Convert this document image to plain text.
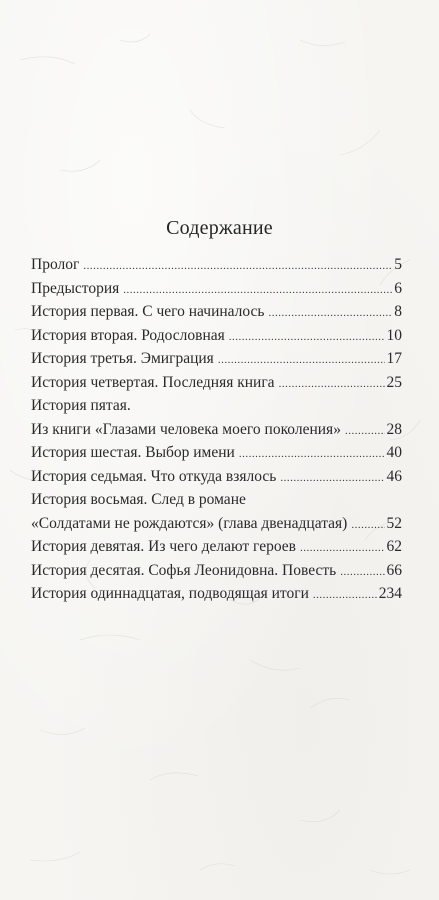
Содержание
Пролог .....	5
Предыстория .....	6
История первая. С чего начиналось .....	8
История вторая. Родословная .....	10
История третья. Эмиграция .....	17
История четвертая. Последняя книга .....	25
История пятая.
Из книги «Глазами человека моего поколения» .....	28
История шестая. Выбор имени .....	40
История седьмая. Что откуда взялось .....	46
История восьмая. След в романе
«Солдатами не рождаются» (глава двенадцатая) .....	52
История девятая. Из чего делают героев .....	62
История десятая. Софья Леонидовна. Повесть .....	66
История одиннадцатая, подводящая итоги .....	234
